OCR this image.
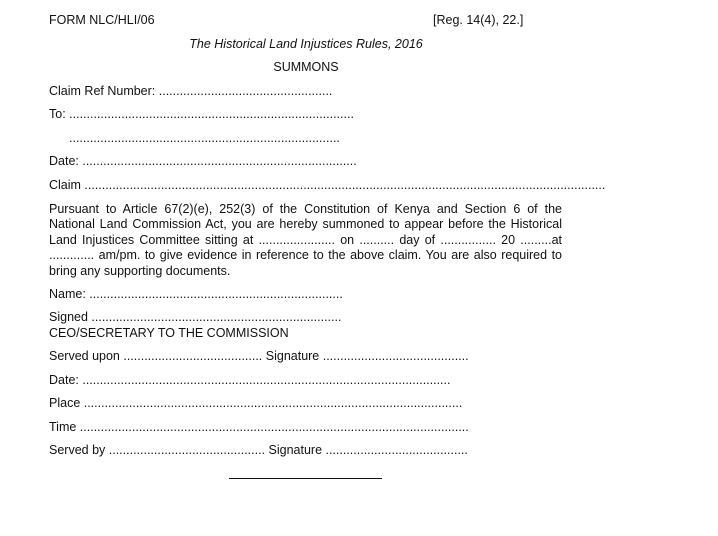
FORM NLC/HLI/06	[Reg. 14(4), 22.]
The Historical Land Injustices Rules, 2016
SUMMONS
Claim Ref Number: ..................................................
To: ..................................................................................
..............................................................................
Date: ...............................................................................
Claim ......................................................................................................................................................
Pursuant to Article 67(2)(e), 252(3) of the Constitution of Kenya and Section 6 of the National Land Commission Act, you are hereby summoned to appear before the Historical Land Injustices Committee sitting at ...................... on .......... day of ................ 20 .........at ............. am/pm. to give evidence in reference to the above claim. You are also required to bring any supporting documents.
Name: .........................................................................
Signed ........................................................................
CEO/SECRETARY TO THE COMMISSION
Served upon ........................................ Signature ..........................................
Date: ..........................................................................................................
Place .............................................................................................................
Time ................................................................................................................
Served by ............................................. Signature .........................................
